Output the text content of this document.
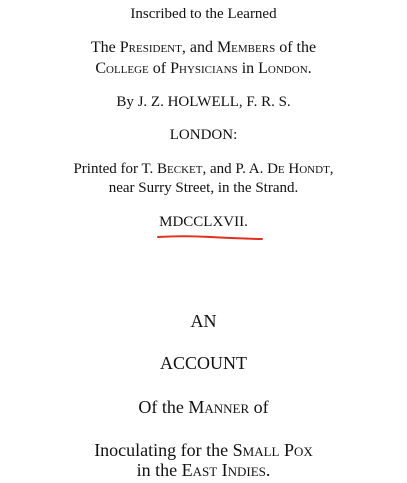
Inscribed to the Learned
The President, and Members of the
College of Physicians in London.
By J. Z. HOLWELL, F. R. S.
LONDON:
Printed for T. Becket, and P. A. De Hondt,
near Surry Street, in the Strand.
MDCCLXVII.
AN
ACCOUNT
Of the Manner of
Inoculating for the Small Pox
in the East Indies.
